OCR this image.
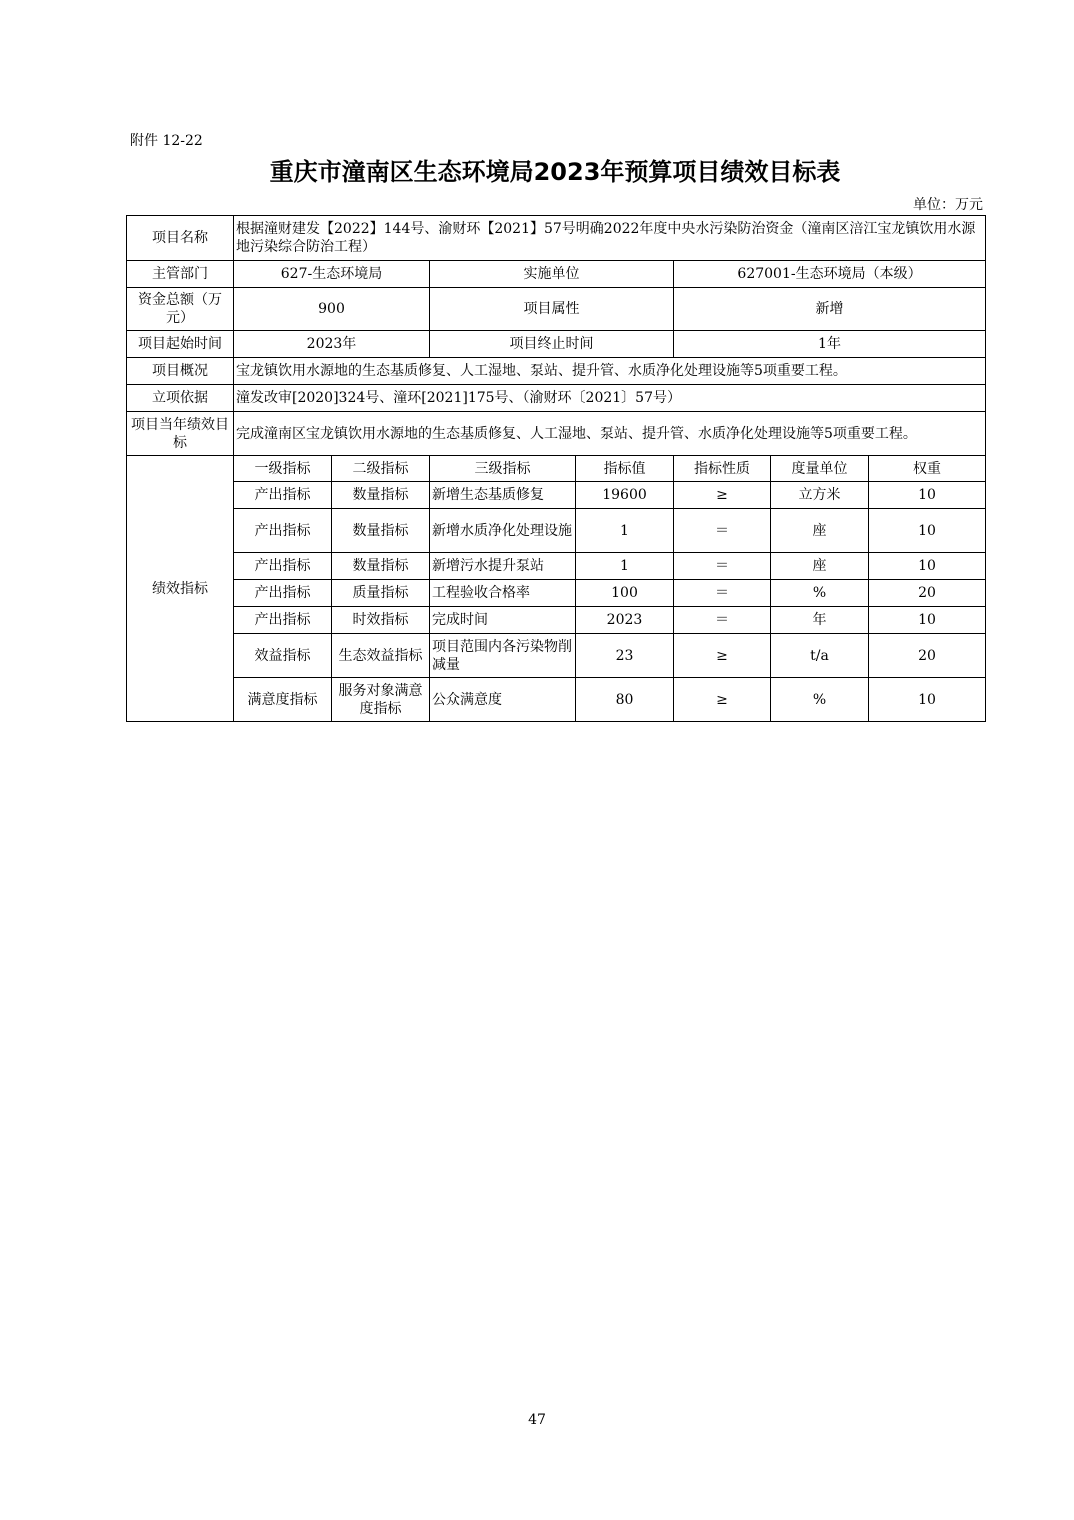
附件 12-22
重庆市潼南区生态环境局2023年预算项目绩效目标表
单位：万元
项目名称	根据潼财建发【2022】144号、渝财环【2021】57号明确2022年度中央水污染防治资金（潼南区涪江宝龙镇饮用水源地污染综合防治工程）						
主管部门	627-生态环境局		实施单位		627001-生态环境局（本级）		
资金总额（万元）	900		项目属性		新增		
项目起始时间	2023年		项目终止时间		1年		
项目概况	宝龙镇饮用水源地的生态基质修复、人工湿地、泵站、提升管、水质净化处理设施等5项重要工程。						
立项依据	潼发改审[2020]324号、潼环[2021]175号、（渝财环〔2021〕57号）						
项目当年绩效目标	完成潼南区宝龙镇饮用水源地的生态基质修复、人工湿地、泵站、提升管、水质净化处理设施等5项重要工程。						
绩效指标	一级指标	二级指标	三级指标	指标值	指标性质	度量单位	权重
	产出指标	数量指标	新增生态基质修复	19600	≥	立方米	10
	产出指标	数量指标	新增水质净化处理设施	1	＝	座	10
	产出指标	数量指标	新增污水提升泵站	1	＝	座	10
	产出指标	质量指标	工程验收合格率	100	＝	%	20
	产出指标	时效指标	完成时间	2023	＝	年	10
	效益指标	生态效益指标	项目范围内各污染物削减量	23	≥	t/a	20
	满意度指标	服务对象满意度指标	公众满意度	80	≥	%	10
47
